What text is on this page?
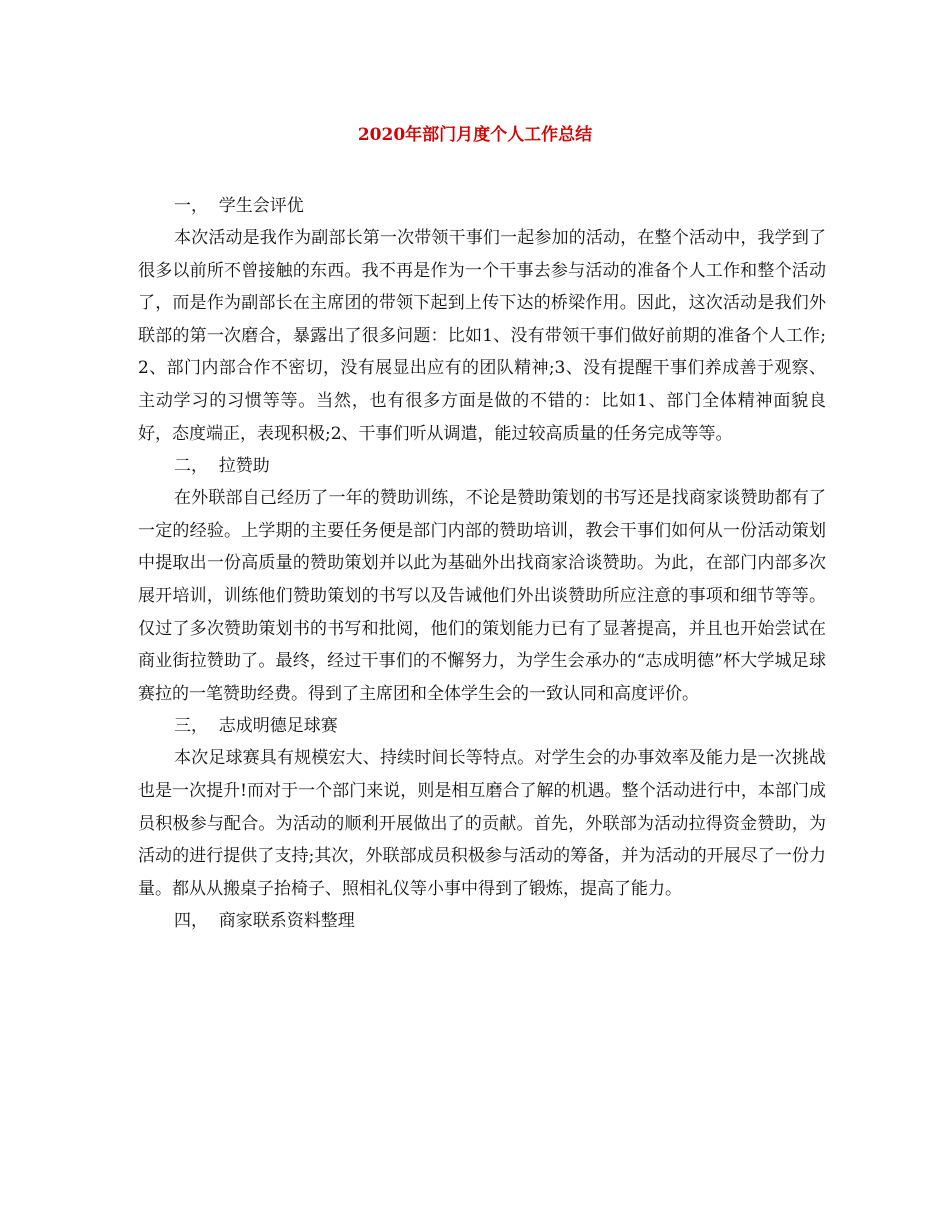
2020年部门月度个人工作总结
一，  学生会评优
本次活动是我作为副部长第一次带领干事们一起参加的活动，在整个活动中，我学到了很多以前所不曾接触的东西。我不再是作为一个干事去参与活动的准备个人工作和整个活动了，而是作为副部长在主席团的带领下起到上传下达的桥梁作用。因此，这次活动是我们外联部的第一次磨合，暴露出了很多问题：比如1、没有带领干事们做好前期的准备个人工作;2、部门内部合作不密切，没有展显出应有的团队精神;3、没有提醒干事们养成善于观察、主动学习的习惯等等。当然，也有很多方面是做的不错的：比如1、部门全体精神面貌良好，态度端正，表现积极;2、干事们听从调遣，能过较高质量的任务完成等等。
二，  拉赞助
在外联部自己经历了一年的赞助训练，不论是赞助策划的书写还是找商家谈赞助都有了一定的经验。上学期的主要任务便是部门内部的赞助培训，教会干事们如何从一份活动策划中提取出一份高质量的赞助策划并以此为基础外出找商家洽谈赞助。为此，在部门内部多次展开培训，训练他们赞助策划的书写以及告诫他们外出谈赞助所应注意的事项和细节等等。仅过了多次赞助策划书的书写和批阅，他们的策划能力已有了显著提高，并且也开始尝试在商业街拉赞助了。最终，经过干事们的不懈努力，为学生会承办的“志成明德”杯大学城足球赛拉的一笔赞助经费。得到了主席团和全体学生会的一致认同和高度评价。
三，  志成明德足球赛
本次足球赛具有规模宏大、持续时间长等特点。对学生会的办事效率及能力是一次挑战也是一次提升!而对于一个部门来说，则是相互磨合了解的机遇。整个活动进行中，本部门成员积极参与配合。为活动的顺利开展做出了的贡献。首先，外联部为活动拉得资金赞助，为活动的进行提供了支持;其次，外联部成员积极参与活动的筹备，并为活动的开展尽了一份力量。都从从搬桌子抬椅子、照相礼仪等小事中得到了锻炼，提高了能力。
四，  商家联系资料整理
